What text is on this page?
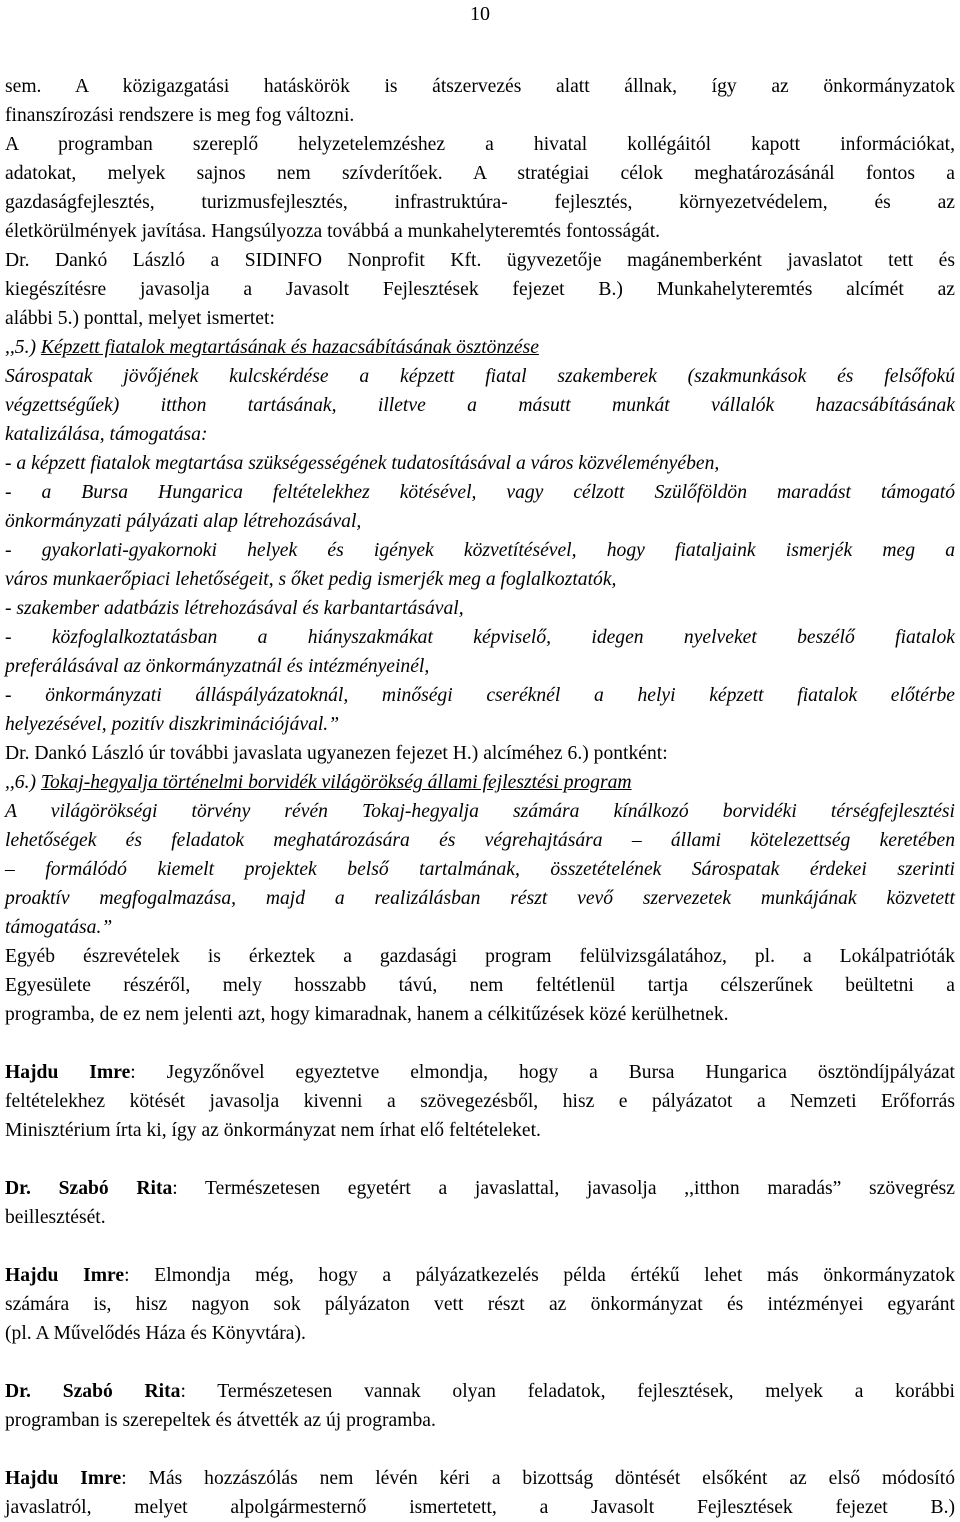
10
sem. A közigazgatási hatáskörök is átszervezés alatt állnak, így az önkormányzatok
finanszírozási rendszere is meg fog változni.
A programban szereplő helyzetelemzéshez a hivatal kollégáitól kapott információkat,
adatokat, melyek sajnos nem szívderítőek. A stratégiai célok meghatározásánál fontos a
gazdaságfejlesztés, turizmusfejlesztés, infrastruktúra- fejlesztés, környezetvédelem, és az
életkörülmények javítása. Hangsúlyozza továbbá a munkahelyteremtés fontosságát.
Dr. Dankó László a SIDINFO Nonprofit Kft. ügyvezetője magánemberként javaslatot tett és
kiegészítésre javasolja a Javasolt Fejlesztések fejezet B.) Munkahelyteremtés alcímét az
alábbi 5.) ponttal, melyet ismertet:
,,5.) Képzett fiatalok megtartásának és hazacsábításának ösztönzése
Sárospatak jövőjének kulcskérdése a képzett fiatal szakemberek (szakmunkások és felsőfokú
végzettségűek) itthon tartásának, illetve a másutt munkát vállalók hazacsábításának
katalizálása, támogatása:
- a képzett fiatalok megtartása szükségességének tudatosításával a város közvéleményében,
- a Bursa Hungarica feltételekhez kötésével, vagy célzott Szülőföldön maradást támogató
önkormányzati pályázati alap létrehozásával,
- gyakorlati-gyakornoki helyek és igények közvetítésével, hogy fiataljaink ismerjék meg a
város munkaerőpiaci lehetőségeit, s őket pedig ismerjék meg a foglalkoztatók,
- szakember adatbázis létrehozásával és karbantartásával,
- közfoglalkoztatásban a hiányszakmákat képviselő, idegen nyelveket beszélő fiatalok
preferálásával az önkormányzatnál és intézményeinél,
- önkormányzati álláspályázatoknál, minőségi cseréknél a helyi képzett fiatalok előtérbe
helyezésével, pozitív diszkriminációjával.”
Dr. Dankó László úr további javaslata ugyanezen fejezet H.) alcíméhez 6.) pontként:
,,6.) Tokaj-hegyalja történelmi borvidék világörökség állami fejlesztési program
A világörökségi törvény révén Tokaj-hegyalja számára kínálkozó borvidéki térségfejlesztési
lehetőségek és feladatok meghatározására és végrehajtására – állami kötelezettség keretében
– formálódó kiemelt projektek belső tartalmának, összetételének Sárospatak érdekei szerinti
proaktív megfogalmazása, majd a realizálásban részt vevő szervezetek munkájának közvetett
támogatása.”
Egyéb észrevételek is érkeztek a gazdasági program felülvizsgálatához, pl. a Lokálpatrióták
Egyesülete részéről, mely hosszabb távú, nem feltétlenül tartja célszerűnek beültetni a
programba, de ez nem jelenti azt, hogy kimaradnak, hanem a célkitűzések közé kerülhetnek.
Hajdu Imre: Jegyzőnővel egyeztetve elmondja, hogy a Bursa Hungarica ösztöndíjpályázat
feltételekhez kötését javasolja kivenni a szövegezésből, hisz e pályázatot a Nemzeti Erőforrás
Minisztérium írta ki, így az önkormányzat nem írhat elő feltételeket.
Dr. Szabó Rita: Természetesen egyetért a javaslattal, javasolja ,,itthon maradás” szövegrész
beillesztését.
Hajdu Imre: Elmondja még, hogy a pályázatkezelés példa értékű lehet más önkormányzatok
számára is, hisz nagyon sok pályázaton vett részt az önkormányzat és intézményei egyaránt
(pl. A Művelődés Háza és Könyvtára).
Dr. Szabó Rita: Természetesen vannak olyan feladatok, fejlesztések, melyek a korábbi
programban is szerepeltek és átvették az új programba.
Hajdu Imre: Más hozzászólás nem lévén kéri a bizottság döntését elsőként az első módosító
javaslatról, melyet alpolgármesternő ismertetett, a Javasolt Fejlesztések fejezet B.)
